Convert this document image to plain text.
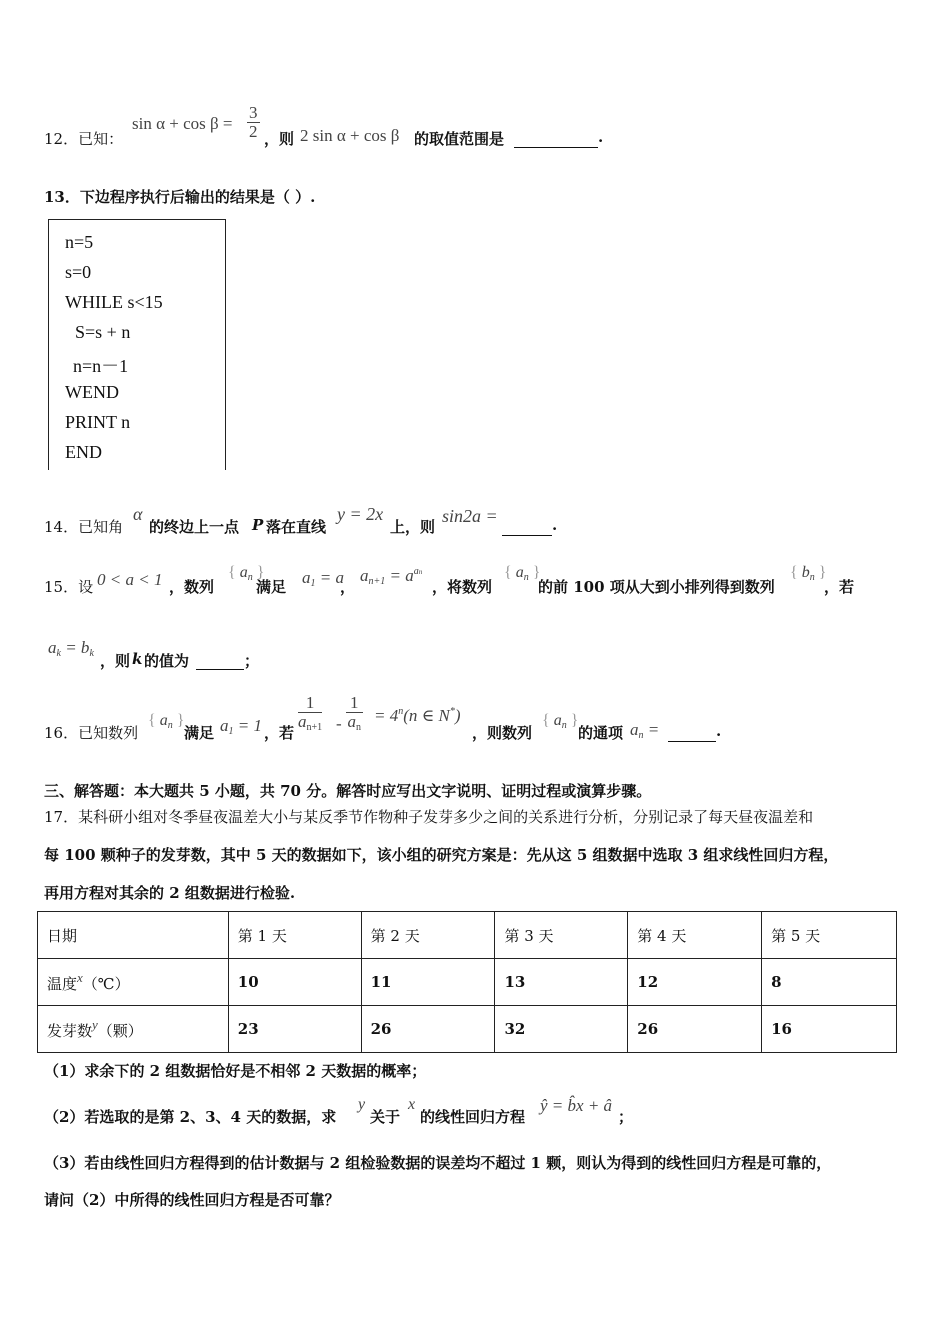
12．已知：
$\sin \alpha + \cos \beta = \frac{3}{2}$ ，则 2 sin α + cos β 的取值范围是	.
13．下边程序执行后输出的结果是（ ）.
n=5
s=0
WHILE s<15
S=s + n
n=n－1
WEND
PRINT n
END
14．已知角
α
的终边上一点 P 落在直线
y = 2x
上，则
sin2a =	.
15．设 0 < a < 1 ，数列
{ $a_n$ }
满足 $a_1 = a$
，
$a_{n+1} = a^{an}$
，将数列
{ $a_n$ }
的前 100 项从大到小排列得到数列
{ $b_n$ }
，若
$a_k = b_k$ ，则 k 的值为	；
16．已知数列
{ $a_n$ }
满足 $a_1 = 1$ ，若 $\frac{1}{a_{n+1}} - \frac{1}{a_n} = 4^n(n$ ∈ N*)
，则数列
{ $a_n$ }
的通项 $a_n$ =	.
三、解答题：本大题共 5 小题，共 70 分。解答时应写出文字说明、证明过程或演算步骤。
17．某科研小组对冬季昼夜温差大小与某反季节作物种子发芽多少之间的关系进行分析，分别记录了每天昼夜温差和
每 100 颗种子的发芽数，其中 5 天的数据如下，该小组的研究方案是：先从这 5 组数据中选取 3 组求线性回归方程，
再用方程对其余的 2 组数据进行检验.
日期	第 1 天	第 2 天	第 3 天	第 4 天	第 5 天
温度x（℃）	10	11	13	12	8
发芽数y（颗）	23	26	32	26	16
（1）求余下的 2 组数据恰好是不相邻 2 天数据的概率；
（2）若选取的是第 2、3、4 天的数据，求
y
关于
x
的线性回归方程
ŷ = b̂x + â
；
（3）若由线性回归方程得到的估计数据与 2 组检验数据的误差均不超过 1 颗，则认为得到的线性回归方程是可靠的，
请问（2）中所得的线性回归方程是否可靠？
